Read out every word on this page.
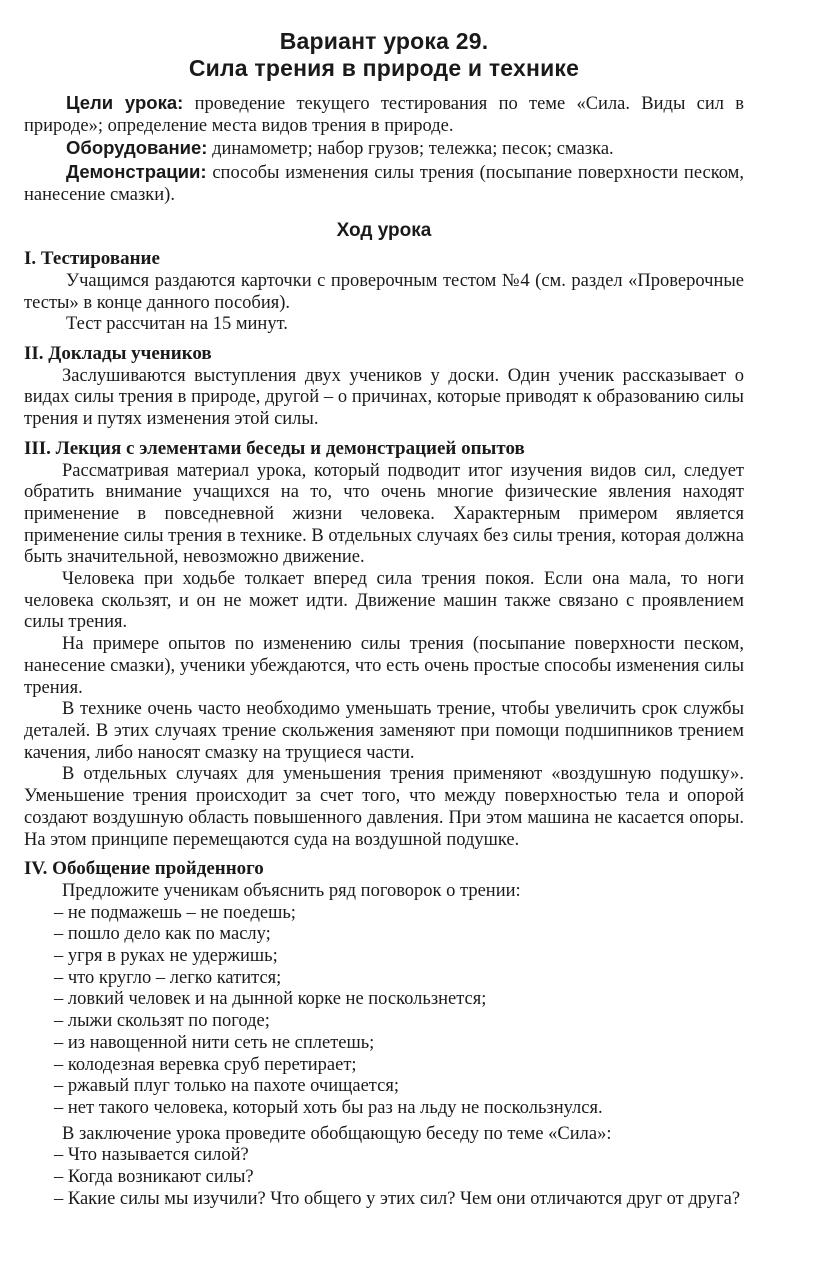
Вариант урока 29.
Сила трения в природе и технике

Цели урока: проведение текущего тестирования по теме «Сила. Виды сил в природе»; определение места видов трения в природе.

Оборудование: динамометр; набор грузов; тележка; песок; смазка.

Демонстрации: способы изменения силы трения (посыпание поверхности песком, нанесение смазки).

Ход урока
I. Тестирование

Учащимся раздаются карточки с проверочным тестом №4 (см. раздел «Проверочные тесты» в конце данного пособия).

Тест рассчитан на 15 минут.

II. Доклады учеников

Заслушиваются выступления двух учеников у доски. Один ученик рассказывает о видах силы трения в природе, другой – о причинах, которые приводят к образованию силы трения и путях изменения этой силы.

III. Лекция с элементами беседы и демонстрацией опытов

Рассматривая материал урока, который подводит итог изучения видов сил, следует обратить внимание учащихся на то, что очень многие физические явления находят применение в повседневной жизни человека. Характерным примером является применение силы трения в технике. В отдельных случаях без силы трения, которая должна быть значительной, невозможно движение.

Человека при ходьбе толкает вперед сила трения покоя. Если она мала, то ноги человека скользят, и он не может идти. Движение машин также связано с проявлением силы трения.

На примере опытов по изменению силы трения (посыпание поверхности песком, нанесение смазки), ученики убеждаются, что есть очень простые способы изменения силы трения.

В технике очень часто необходимо уменьшать трение, чтобы увеличить срок службы деталей. В этих случаях трение скольжения заменяют при помощи подшипников трением качения, либо наносят смазку на трущиеся части.

В отдельных случаях для уменьшения трения применяют «воздушную подушку». Уменьшение трения происходит за счет того, что между поверхностью тела и опорой создают воздушную область повышенного давления. При этом машина не касается опоры. На этом принципе перемещаются суда на воздушной подушке.

IV. Обобщение пройденного

Предложите ученикам объяснить ряд поговорок о трении:

– не подмажешь – не поедешь;
– пошло дело как по маслу;
– угря в руках не удержишь;
– что кругло – легко катится;
– ловкий человек и на дынной корке не поскользнется;
– лыжи скользят по погоде;
– из навощенной нити сеть не сплетешь;
– колодезная веревка сруб перетирает;
– ржавый плуг только на пахоте очищается;
– нет такого человека, который хоть бы раз на льду не поскользнулся.

В заключение урока проведите обобщающую беседу по теме «Сила»:

– Что называется силой?
– Когда возникают силы?
– Какие силы мы изучили? Что общего у этих сил? Чем они отличаются друг от друга?
